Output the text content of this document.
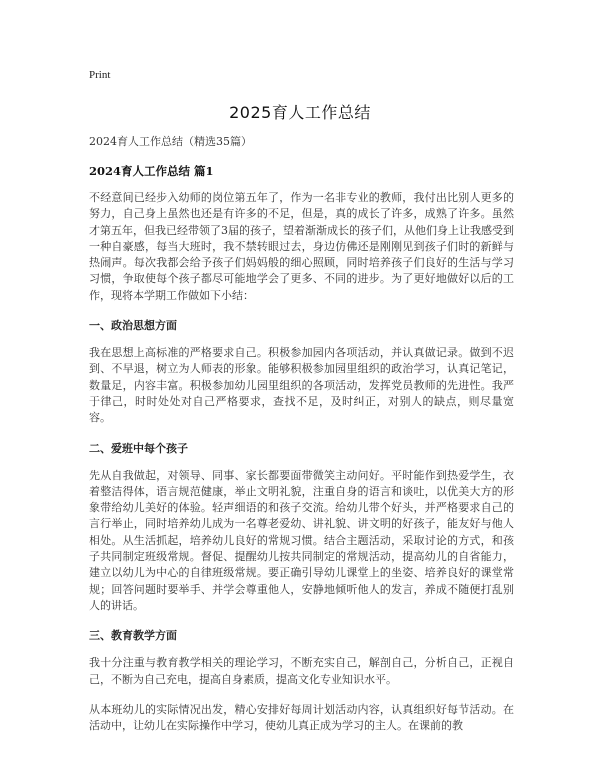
Print
2025育人工作总结

2024育人工作总结（精选35篇）

2024育人工作总结 篇1

不经意间已经步入幼师的岗位第五年了，作为一名非专业的教师，我付出比别人更多的努力，自己身上虽然也还是有许多的不足，但是，真的成长了许多，成熟了许多。虽然才第五年，但我已经带领了3届的孩子，望着渐渐成长的孩子们，从他们身上让我感受到一种自豪感，每当大班时，我不禁转眼过去，身边仿佛还是刚刚见到孩子们时的新鲜与热闹声。每次我都会给予孩子们妈妈般的细心照顾，同时培养孩子们良好的生活与学习习惯，争取使每个孩子都尽可能地学会了更多、不同的进步。为了更好地做好以后的工作，现将本学期工作做如下小结：

一、政治思想方面

我在思想上高标准的严格要求自己。积极参加园内各项活动，并认真做记录。做到不迟到、不早退，树立为人师表的形象。能够积极参加园里组织的政治学习，认真记笔记，数量足，内容丰富。积极参加幼儿园里组织的各项活动，发挥党员教师的先进性。我严于律己，时时处处对自己严格要求，查找不足，及时纠正，对别人的缺点，则尽量宽容。

二、爱班中每个孩子

先从自我做起，对领导、同事、家长都要面带微笑主动问好。平时能作到热爱学生，衣着整洁得体，语言规范健康，举止文明礼貌，注重自身的语言和谈吐，以优美大方的形象带给幼儿美好的体验。轻声细语的和孩子交流。给幼儿带个好头，并严格要求自己的言行举止，同时培养幼儿成为一名尊老爱幼、讲礼貌、讲文明的好孩子，能友好与他人相处。从生活抓起，培养幼儿良好的常规习惯。结合主题活动，采取讨论的方式，和孩子共同制定班级常规。督促、提醒幼儿按共同制定的常规活动，提高幼儿的自省能力，建立以幼儿为中心的自律班级常规。要正确引导幼儿课堂上的坐姿、培养良好的课堂常规；回答问题时要举手、并学会尊重他人，安静地倾听他人的发言，养成不随便打乱别人的讲话。

三、教育教学方面

我十分注重与教育教学相关的理论学习，不断充实自己，解剖自己，分析自己，正视自己，不断为自己充电，提高自身素质，提高文化专业知识水平。

从本班幼儿的实际情况出发，精心安排好每周计划活动内容，认真组织好每节活动。在活动中，让幼儿在实际操作中学习，使幼儿真正成为学习的主人。在课前的教
